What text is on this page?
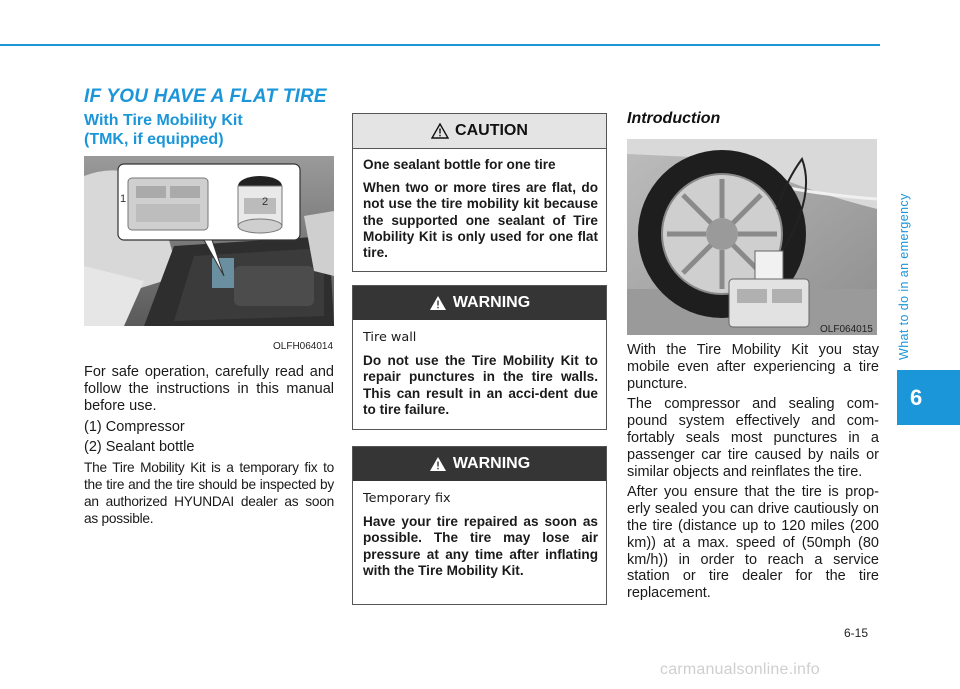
IF YOU HAVE A FLAT TIRE
With Tire Mobility Kit
(TMK, if equipped)
1	2
OLFH064014

For safe operation, carefully read and follow the instructions in this manual before use.

(1) Compressor

(2) Sealant bottle

The Tire Mobility Kit is a temporary fix to the tire and the tire should be inspected by an authorized HYUNDAI dealer as soon as possible.

CAUTION

One sealant bottle for one tire

When two or more tires are flat, do not use the tire mobility kit because the supported one sealant of Tire Mobility Kit is only used for one flat tire.

WARNING

Tire wall

Do not use the Tire Mobility Kit to repair punctures in the tire walls. This can result in an acci-dent due to tire failure.

WARNING

Temporary fix

Have your tire repaired as soon as possible. The tire may lose air pressure at any time after inflating with the Tire Mobility Kit.

Introduction
OLF064015

With the Tire Mobility Kit you stay mobile even after experiencing a tire puncture.

The compressor and sealing com-pound system effectively and com-fortably seals most punctures in a passenger car tire caused by nails or similar objects and reinflates the tire.

After you ensure that the tire is prop-erly sealed you can drive cautiously on the tire (distance up to 120 miles (200 km)) at a max. speed of (50mph (80 km/h)) in order to reach a service station or tire dealer for the tire replacement.

What to do in an emergency
6
6-15
carmanualsonline.info
